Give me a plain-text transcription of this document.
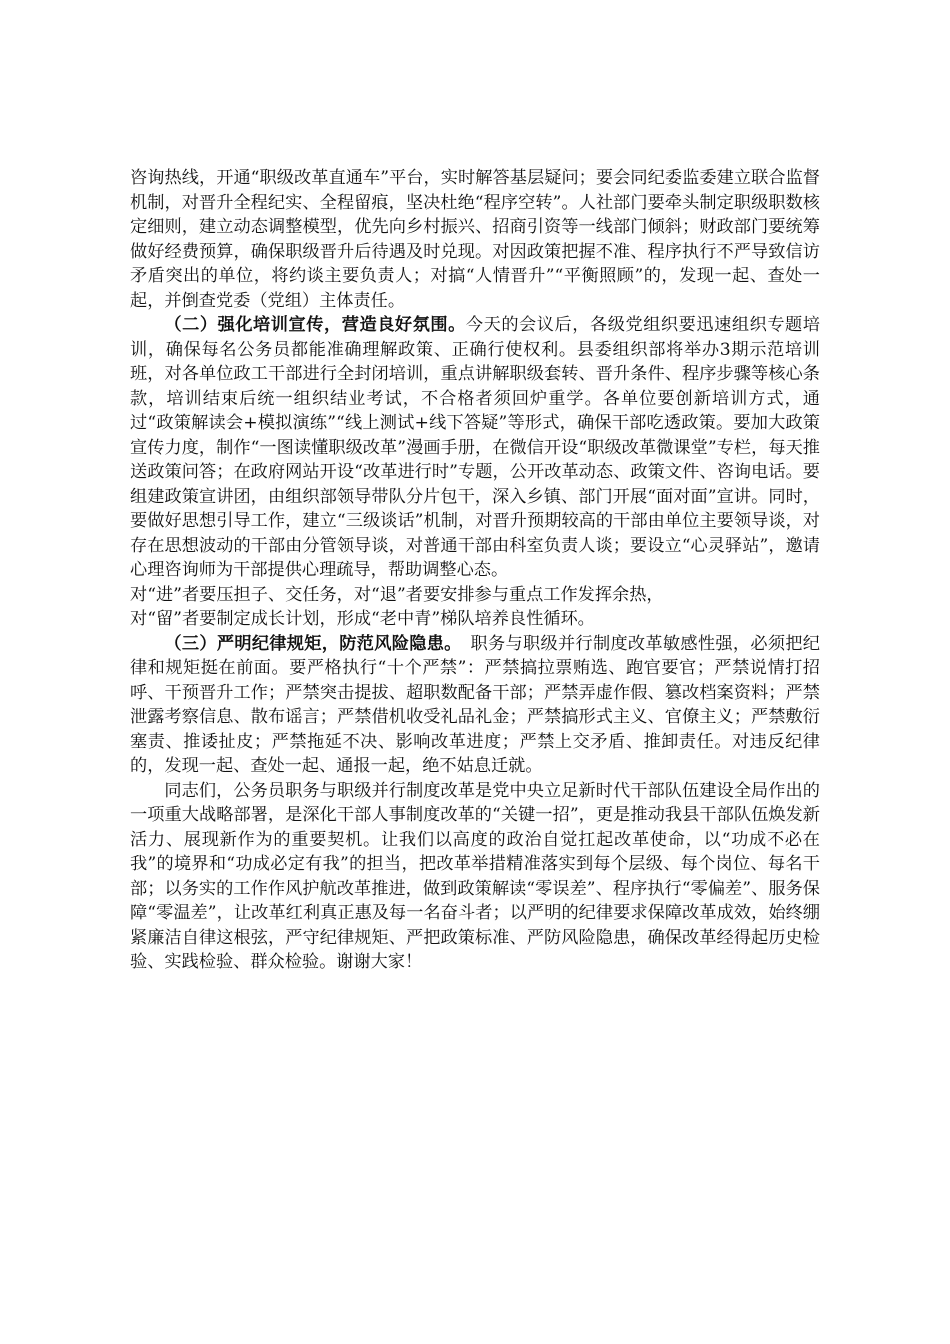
咨询热线，开通“职级改革直通车”平台，实时解答基层疑问；要会同纪委监委建立联合监督机制，对晋升全程纪实、全程留痕，坚决杜绝“程序空转”。人社部门要牵头制定职级职数核定细则，建立动态调整模型，优先向乡村振兴、招商引资等一线部门倾斜；财政部门要统筹做好经费预算，确保职级晋升后待遇及时兑现。对因政策把握不准、程序执行不严导致信访矛盾突出的单位，将约谈主要负责人；对搞“人情晋升”“平衡照顾”的，发现一起、查处一起，并倒查党委（党组）主体责任。

（二）强化培训宣传，营造良好氛围。今天的会议后，各级党组织要迅速组织专题培训，确保每名公务员都能准确理解政策、正确行使权利。县委组织部将举办3期示范培训班，对各单位政工干部进行全封闭培训，重点讲解职级套转、晋升条件、程序步骤等核心条款，培训结束后统一组织结业考试，不合格者须回炉重学。各单位要创新培训方式，通过“政策解读会+模拟演练”“线上测试+线下答疑”等形式，确保干部吃透政策。要加大政策宣传力度，制作“一图读懂职级改革”漫画手册，在微信开设“职级改革微课堂”专栏，每天推送政策问答；在政府网站开设“改革进行时”专题，公开改革动态、政策文件、咨询电话。要组建政策宣讲团，由组织部领导带队分片包干，深入乡镇、部门开展“面对面”宣讲。同时，要做好思想引导工作，建立“三级谈话”机制，对晋升预期较高的干部由单位主要领导谈，对存在思想波动的干部由分管领导谈，对普通干部由科室负责人谈；要设立“心灵驿站”，邀请心理咨询师为干部提供心理疏导，帮助调整心态。

对“进”者要压担子、交任务，对“退”者要安排参与重点工作发挥余热，

对“留”者要制定成长计划，形成“老中青”梯队培养良性循环。

（三）严明纪律规矩，防范风险隐患。　职务与职级并行制度改革敏感性强，必须把纪律和规矩挺在前面。要严格执行“十个严禁”：严禁搞拉票贿选、跑官要官；严禁说情打招呼、干预晋升工作；严禁突击提拔、超职数配备干部；严禁弄虚作假、篡改档案资料；严禁泄露考察信息、散布谣言；严禁借机收受礼品礼金；严禁搞形式主义、官僚主义；严禁敷衍塞责、推诿扯皮；严禁拖延不决、影响改革进度；严禁上交矛盾、推卸责任。对违反纪律的，发现一起、查处一起、通报一起，绝不姑息迁就。

同志们，公务员职务与职级并行制度改革是党中央立足新时代干部队伍建设全局作出的一项重大战略部署，是深化干部人事制度改革的“关键一招”，更是推动我县干部队伍焕发新活力、展现新作为的重要契机。让我们以高度的政治自觉扛起改革使命，以“功成不必在我”的境界和“功成必定有我”的担当，把改革举措精准落实到每个层级、每个岗位、每名干部；以务实的工作作风护航改革推进，做到政策解读“零误差”、程序执行“零偏差”、服务保障“零温差”，让改革红利真正惠及每一名奋斗者；以严明的纪律要求保障改革成效，始终绷紧廉洁自律这根弦，严守纪律规矩、严把政策标准、严防风险隐患，确保改革经得起历史检验、实践检验、群众检验。谢谢大家！
